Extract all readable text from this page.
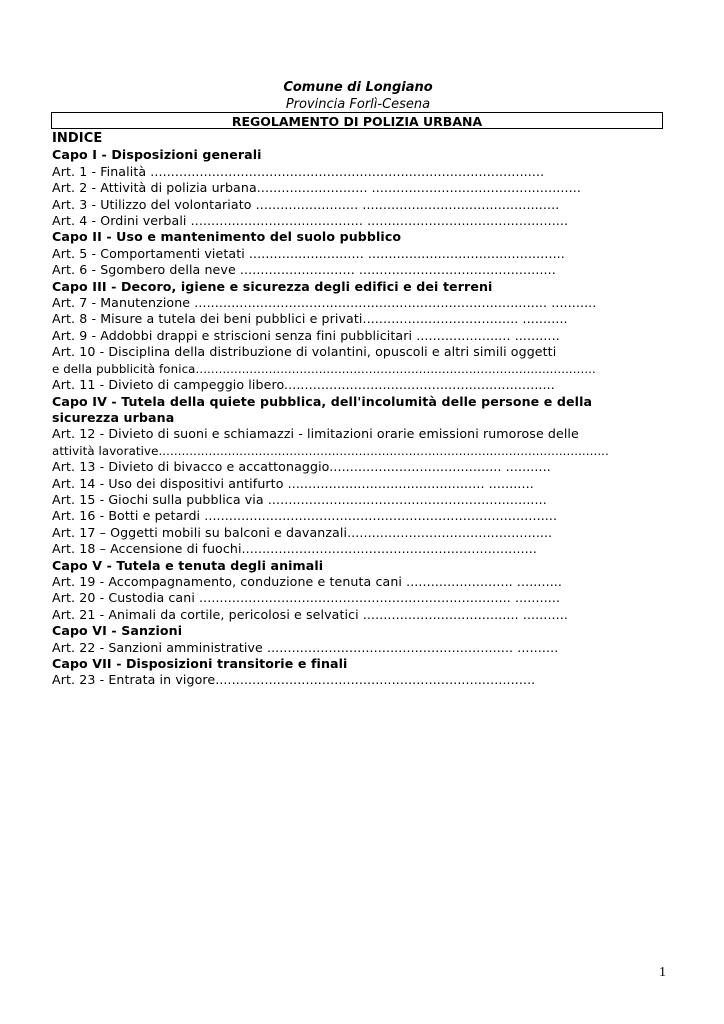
Comune di Longiano
Provincia Forlì-Cesena
REGOLAMENTO DI POLIZIA URBANA
INDICE
Capo I - Disposizioni generali
Art. 1 - Finalità ................................................................................................
Art. 2 - Attività di polizia urbana........................... ...................................................
Art. 3 - Utilizzo del volontariato ......................... ................................................
Art. 4 - Ordini verbali .......................................... .................................................
Capo II - Uso e mantenimento del suolo pubblico
Art. 5 - Comportamenti vietati ............................ ................................................
Art. 6 - Sgombero della neve ............................ ................................................
Capo III - Decoro, igiene e sicurezza degli edifici e dei terreni
Art. 7 - Manutenzione ...................................................................................... ...........
Art. 8 - Misure a tutela dei beni pubblici e privati...................................... ...........
Art. 9 - Addobbi drappi e striscioni senza fini pubblicitari ....................... ...........
Art. 10 - Disciplina della distribuzione di volantini, opuscoli e altri simili oggetti
e della pubblicità fonica........................................................................................................
Art. 11 - Divieto di campeggio libero..................................................................
Capo IV - Tutela della quiete pubblica, dell'incolumità delle persone e della
sicurezza urbana
Art. 12 - Divieto di suoni e schiamazzi - limitazioni orarie emissioni rumorose delle
attività lavorative.....................................................................................................................
Art. 13 - Divieto di bivacco e accattonaggio.......................................... ...........
Art. 14 - Uso dei dispositivi antifurto ................................................ ...........
Art. 15 - Giochi sulla pubblica via ....................................................................
Art. 16 - Botti e petardi ......................................................................................
Art. 17 – Oggetti mobili su balconi e davanzali..................................................
Art. 18 – Accensione di fuochi........................................................................
Capo V - Tutela e tenuta degli animali
Art. 19 - Accompagnamento, conduzione e tenuta cani .......................... ...........
Art. 20 - Custodia cani ............................................................................ ...........
Art. 21 - Animali da cortile, pericolosi e selvatici ...................................... ...........
Capo VI - Sanzioni
Art. 22 - Sanzioni amministrative ............................................................ ..........
Capo VII - Disposizioni transitorie e finali
Art. 23 - Entrata in vigore..............................................................................
1
